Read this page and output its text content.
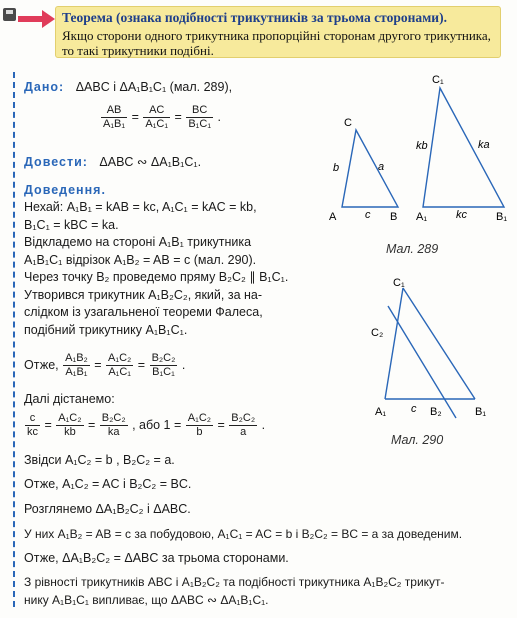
Теорема (ознака подібності трикутників за трьома сторонами).
Якщо сторони одного трикутника пропорційні сторонам другого трикутника, то такі трикутники подібні.
Дано: ΔABC і ΔA₁B₁C₁ (мал. 289),
$\frac{AB}{\text{A₁B₁}} = \frac{AC}{\text{A₁C₁}} = \frac{BC}{\text{B₁C₁}}$ .
Довести: ΔABC ∾ ΔA₁B₁C₁.
Доведення.
Нехай: A₁B₁ = kAB = kc, A₁C₁ = kAC = kb,
B₁C₁ = kBC = ka.
Відкладемо на стороні A₁B₁ трикутника
A₁B₁C₁ відрізок A₁B₂ = AB = c (мал. 290).
Через точку B₂ проведемо пряму B₂C₂ ∥ B₁C₁.
Утворився трикутник A₁B₂C₂, який, за на-
слідком із узагальненої теореми Фалеса,
подібний трикутнику A₁B₁C₁.
Отже, $\frac{\text{A₁B₂}}{\text{A₁B₁}} = \frac{\text{A₁C₂}}{\text{A₁C₁}} = \frac{\text{B₂C₂}}{\text{B₁C₁}}$ .
Далі дістанемо:
$\frac{c}{kc} = \frac{\text{A₁C₂}}{kb} = \frac{\text{B₂C₂}}{ka}$ , або $1 = \frac{\text{A₁C₂}}{b} = \frac{\text{B₂C₂}}{a}$ .
Звідси A₁C₂ = b , B₂C₂ = a.
Отже, A₁C₂ = AC і B₂C₂ = BC.
Розглянемо ΔA₁B₂C₂ і ΔABC.
У них A₁B₂ = AB = c за побудовою, A₁C₁ = AC = b і B₂C₂ = BC = a за доведеним.
Отже, ΔA₁B₂C₂ = ΔABC за трьома сторонами.
З рівності трикутників ABC і A₁B₂C₂ та подібності трикутника A₁B₂C₂ трикут-
нику A₁B₁C₁ випливає, що ΔABC ∾ ΔA₁B₁C₁.
A	B
C
b	a
c	A₁	B₁
C₁
kb	ka
kc
Мал. 289
C₁
C₂
A₁	B₂	B₁
c
Мал. 290
